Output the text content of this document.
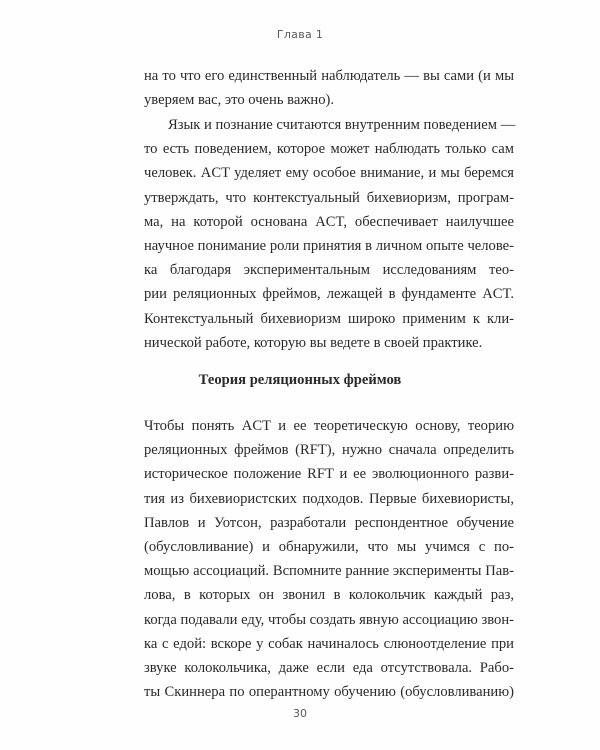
Глава 1
на то что его единственный наблюдатель — вы сами (и мы
уверяем вас, это очень важно).
Язык и познание считаются внутренним поведением —
то есть поведением, которое может наблюдать только сам
человек. ACT уделяет ему особое внимание, и мы беремся
утверждать, что контекстуальный бихевиоризм, програм-
ма, на которой основана ACT, обеспечивает наилучшее
научное понимание роли принятия в личном опыте челове-
ка благодаря экспериментальным исследованиям тео-
рии реляционных фреймов, лежащей в фундаменте ACT.
Контекстуальный бихевиоризм широко применим к кли-
нической работе, которую вы ведете в своей практике.
Теория реляционных фреймов
Чтобы понять ACT и ее теоретическую основу, теорию
реляционных фреймов (RFT), нужно сначала определить
историческое положение RFT и ее эволюционного разви-
тия из бихевиористских подходов. Первые бихевиористы,
Павлов и Уотсон, разработали респондентное обучение
(обусловливание) и обнаружили, что мы учимся с по-
мощью ассоциаций. Вспомните ранние эксперименты Пав-
лова, в которых он звонил в колокольчик каждый раз,
когда подавали еду, чтобы создать явную ассоциацию звон-
ка с едой: вскоре у собак начиналось слюноотделение при
звуке колокольчика, даже если еда отсутствовала. Рабо-
ты Скиннера по оперантному обучению (обусловливанию)
30
